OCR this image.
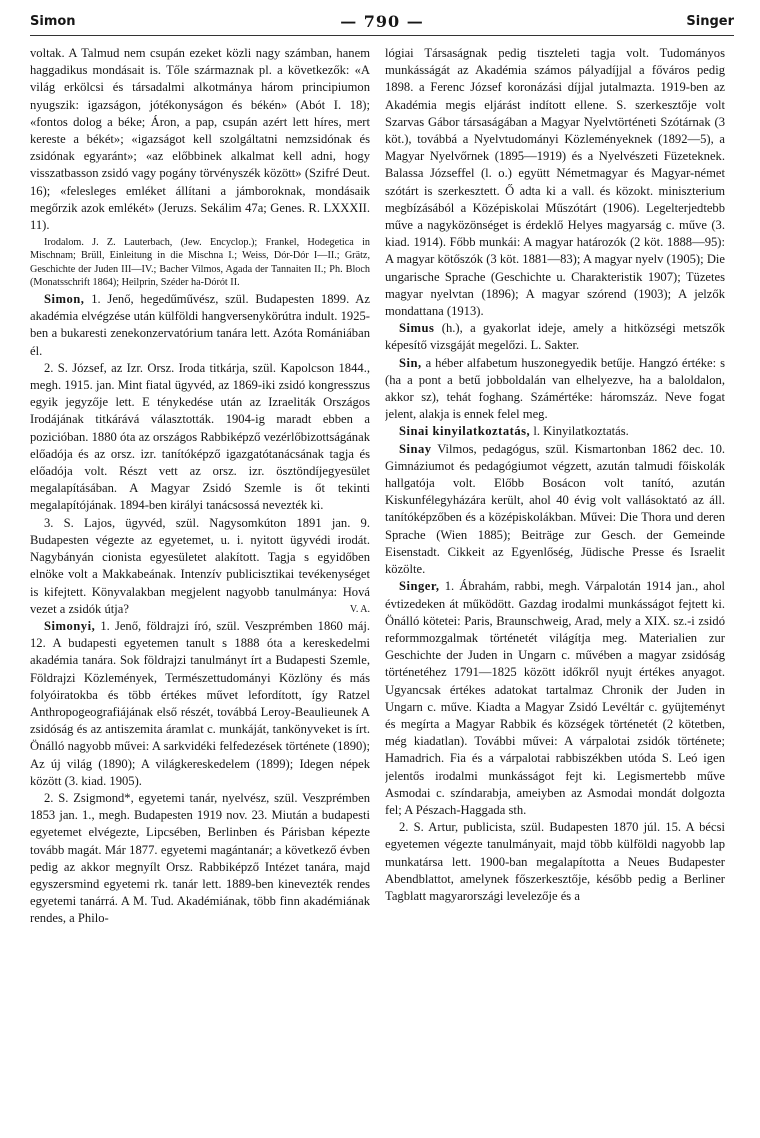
Simon	— 790 —	Singer

voltak. A Talmud nem csupán ezeket közli nagy számban, hanem haggadikus mondásait is. Tőle származnak pl. a következők: «A világ erkölcsi és társadalmi alkotmánya három principiumon nyugszik: igazságon, jótékonyságon és békén» (Abót I. 18); «fontos dolog a béke; Áron, a pap, csupán azért lett híres, mert kereste a békét»; «igazságot kell szolgáltatni nemzsidónak és zsidónak egyaránt»; «az előbbinek alkalmat kell adni, hogy visszatbasson zsidó vagy pogány törvényszék között» (Szifré Deut. 16); «felesleges emléket állítani a jámboroknak, mondásaik megőrzik azok emlékét» (Jeruzs. Sekálim 47a; Genes. R. LXXXII. 11).

Irodalom. J. Z. Lauterbach, (Jew. Encyclop.); Frankel, Hodegetica in Mischnam; Brüll, Einleitung in die Mischna I.; Weiss, Dór-Dór I—II.; Grätz, Geschichte der Juden III—IV.; Bacher Vilmos, Agada der Tannaiten II.; Ph. Bloch (Monatsschrift 1864); Heilprin, Széder ha-Dórót II.

Simon, 1. Jenő, hegedűművész, szül. Budapesten 1899. Az akadémia elvégzése után külföldi hangversenykörútra indult. 1925-ben a bukaresti zenekonzervatórium tanára lett. Azóta Romániában él.

2. S. József, az Izr. Orsz. Iroda titkárja, szül. Kapolcson 1844., megh. 1915. jan. Mint fiatal ügyvéd, az 1869-iki zsidó kongresszus egyik jegyzője lett. E ténykedése után az Izraeliták Országos Irodájának titkárává választották. 1904-ig maradt ebben a pozicióban. 1880 óta az országos Rabbiképző vezérlőbizottságának előadója és az orsz. izr. tanítóképző igazgatótanácsának tagja és előadója volt. Részt vett az orsz. izr. ösztöndíjegyesület megalapításában. A Magyar Zsidó Szemle is őt tekinti megalapítójának. 1894-ben királyi tanácsossá nevezték ki.

3. S. Lajos, ügyvéd, szül. Nagysomkúton 1891 jan. 9. Budapesten végezte az egyetemet, u. i. nyitott ügyvédi irodát. Nagybányán cionista egyesületet alakított. Tagja s egyidőben elnöke volt a Makkabeának. Intenzív publicisztikai tevékenységet is kifejtett. Könyvalakban megjelent nagyobb tanulmánya: Hová vezet a zsidók útja?	V. A.

Simonyi, 1. Jenő, földrajzi író, szül. Veszprémben 1860 máj. 12. A budapesti egyetemen tanult s 1888 óta a kereskedelmi akadémia tanára. Sok földrajzi tanulmányt írt a Budapesti Szemle, Földrajzi Közlemények, Természettudományi Közlöny és más folyóiratokba és több értékes művet lefordított, így Ratzel Anthropogeografiájának első részét, továbbá Leroy-Beaulieunek A zsidóság és az antiszemita áramlat c. munkáját, tankönyveket is írt. Önálló nagyobb művei: A sarkvidéki felfedezések története (1890); Az új világ (1890); A világkereskedelem (1899); Idegen népek között (3. kiad. 1905).

2. S. Zsigmond*, egyetemi tanár, nyelvész, szül. Veszprémben 1853 jan. 1., megh. Budapesten 1919 nov. 23. Miután a budapesti egyetemet elvégezte, Lipcsében, Berlinben és Párisban képezte tovább magát. Már 1877. egyetemi magántanár; a következő évben pedig az akkor megnyílt Orsz. Rabbiképző Intézet tanára, majd egyszersmind egyetemi rk. tanár lett. 1889-ben kinevezték rendes egyetemi tanárrá. A M. Tud. Akadémiának, több finn akadémiának rendes, a Philo-

lógiai Társaságnak pedig tiszteleti tagja volt. Tudományos munkásságát az Akadémia számos pályadíjjal a főváros pedig 1898. a Ferenc József koronázási díjjal jutalmazta. 1919-ben az Akadémia megis eljárást indított ellene. S. szerkesztője volt Szarvas Gábor társaságában a Magyar Nyelvtörténeti Szótárnak (3 köt.), továbbá a Nyelvtudományi Közleményeknek (1892—5), a Magyar Nyelvőrnek (1895—1919) és a Nyelvészeti Füzeteknek. Balassa Józseffel (l. o.) együtt Németmagyar és Magyar-német szótárt is szerkesztett. Ő adta ki a vall. és közokt. miniszterium megbízásából a Középiskolai Műszótárt (1906). Legelterjedtebb műve a nagyközönséget is érdeklő Helyes magyarság c. műve (3. kiad. 1914). Főbb munkái: A magyar határozók (2 köt. 1888—95): A magyar kötőszók (3 köt. 1881—83); A magyar nyelv (1905); Die ungarische Sprache (Geschichte u. Charakteristik 1907); Tüzetes magyar nyelvtan (1896); A magyar szórend (1903); A jelzők mondattana (1913).

Simus (h.), a gyakorlat ideje, amely a hitközségi metszők képesítő vizsgáját megelőzi. L. Sakter.

Sin, a héber alfabetum huszonegyedik betűje. Hangzó értéke: s (ha a pont a betű jobboldalán van elhelyezve, ha a baloldalon, akkor sz), tehát foghang. Számértéke: háromszáz. Neve fogat jelent, alakja is ennek felel meg.

Sinai kinyilatkoztatás, l. Kinyilatkoztatás.

Sinay Vilmos, pedagógus, szül. Kismartonban 1862 dec. 10. Gimnáziumot és pedagógiumot végzett, azután talmudi főiskolák hallgatója volt. Előbb Bosácon volt tanító, azután Kiskunfélegyházára került, ahol 40 évig volt vallásoktató az áll. tanítóképzőben és a középiskolákban. Művei: Die Thora und deren Sprache (Wien 1885); Beiträge zur Gesch. der Gemeinde Eisenstadt. Cikkeit az Egyenlőség, Jüdische Presse és Israelit közölte.

Singer, 1. Ábrahám, rabbi, megh. Várpalotán 1914 jan., ahol évtizedeken át működött. Gazdag irodalmi munkásságot fejtett ki. Önálló kötetei: Paris, Braunschweig, Arad, mely a XIX. sz.-i zsidó reformmozgalmak történetét világítja meg. Materialien zur Geschichte der Juden in Ungarn c. művében a magyar zsidóság történetéhez 1791—1825 között időkről nyujt értékes anyagot. Ugyancsak értékes adatokat tartalmaz Chronik der Juden in Ungarn c. műve. Kiadta a Magyar Zsidó Levéltár c. gyüjteményt és megírta a Magyar Rabbik és községek történetét (2 kötetben, még kiadatlan). További művei: A várpalotai zsidók története; Hamadrich. Fia és a várpalotai rabbiszékben utóda S. Leó igen jelentős irodalmi munkásságot fejt ki. Legismertebb műve Asmodai c. színdarabja, ameiyben az Asmodai mondát dolgozta fel; A Pészach-Haggada sth.

2. S. Artur, publicista, szül. Budapesten 1870 júl. 15. A bécsi egyetemen végezte tanulmányait, majd több külföldi nagyobb lap munkatársa lett. 1900-ban megalapította a Neues Budapester Abendblattot, amelynek főszerkesztője, később pedig a Berliner Tagblatt magyarországi levelezője és a
